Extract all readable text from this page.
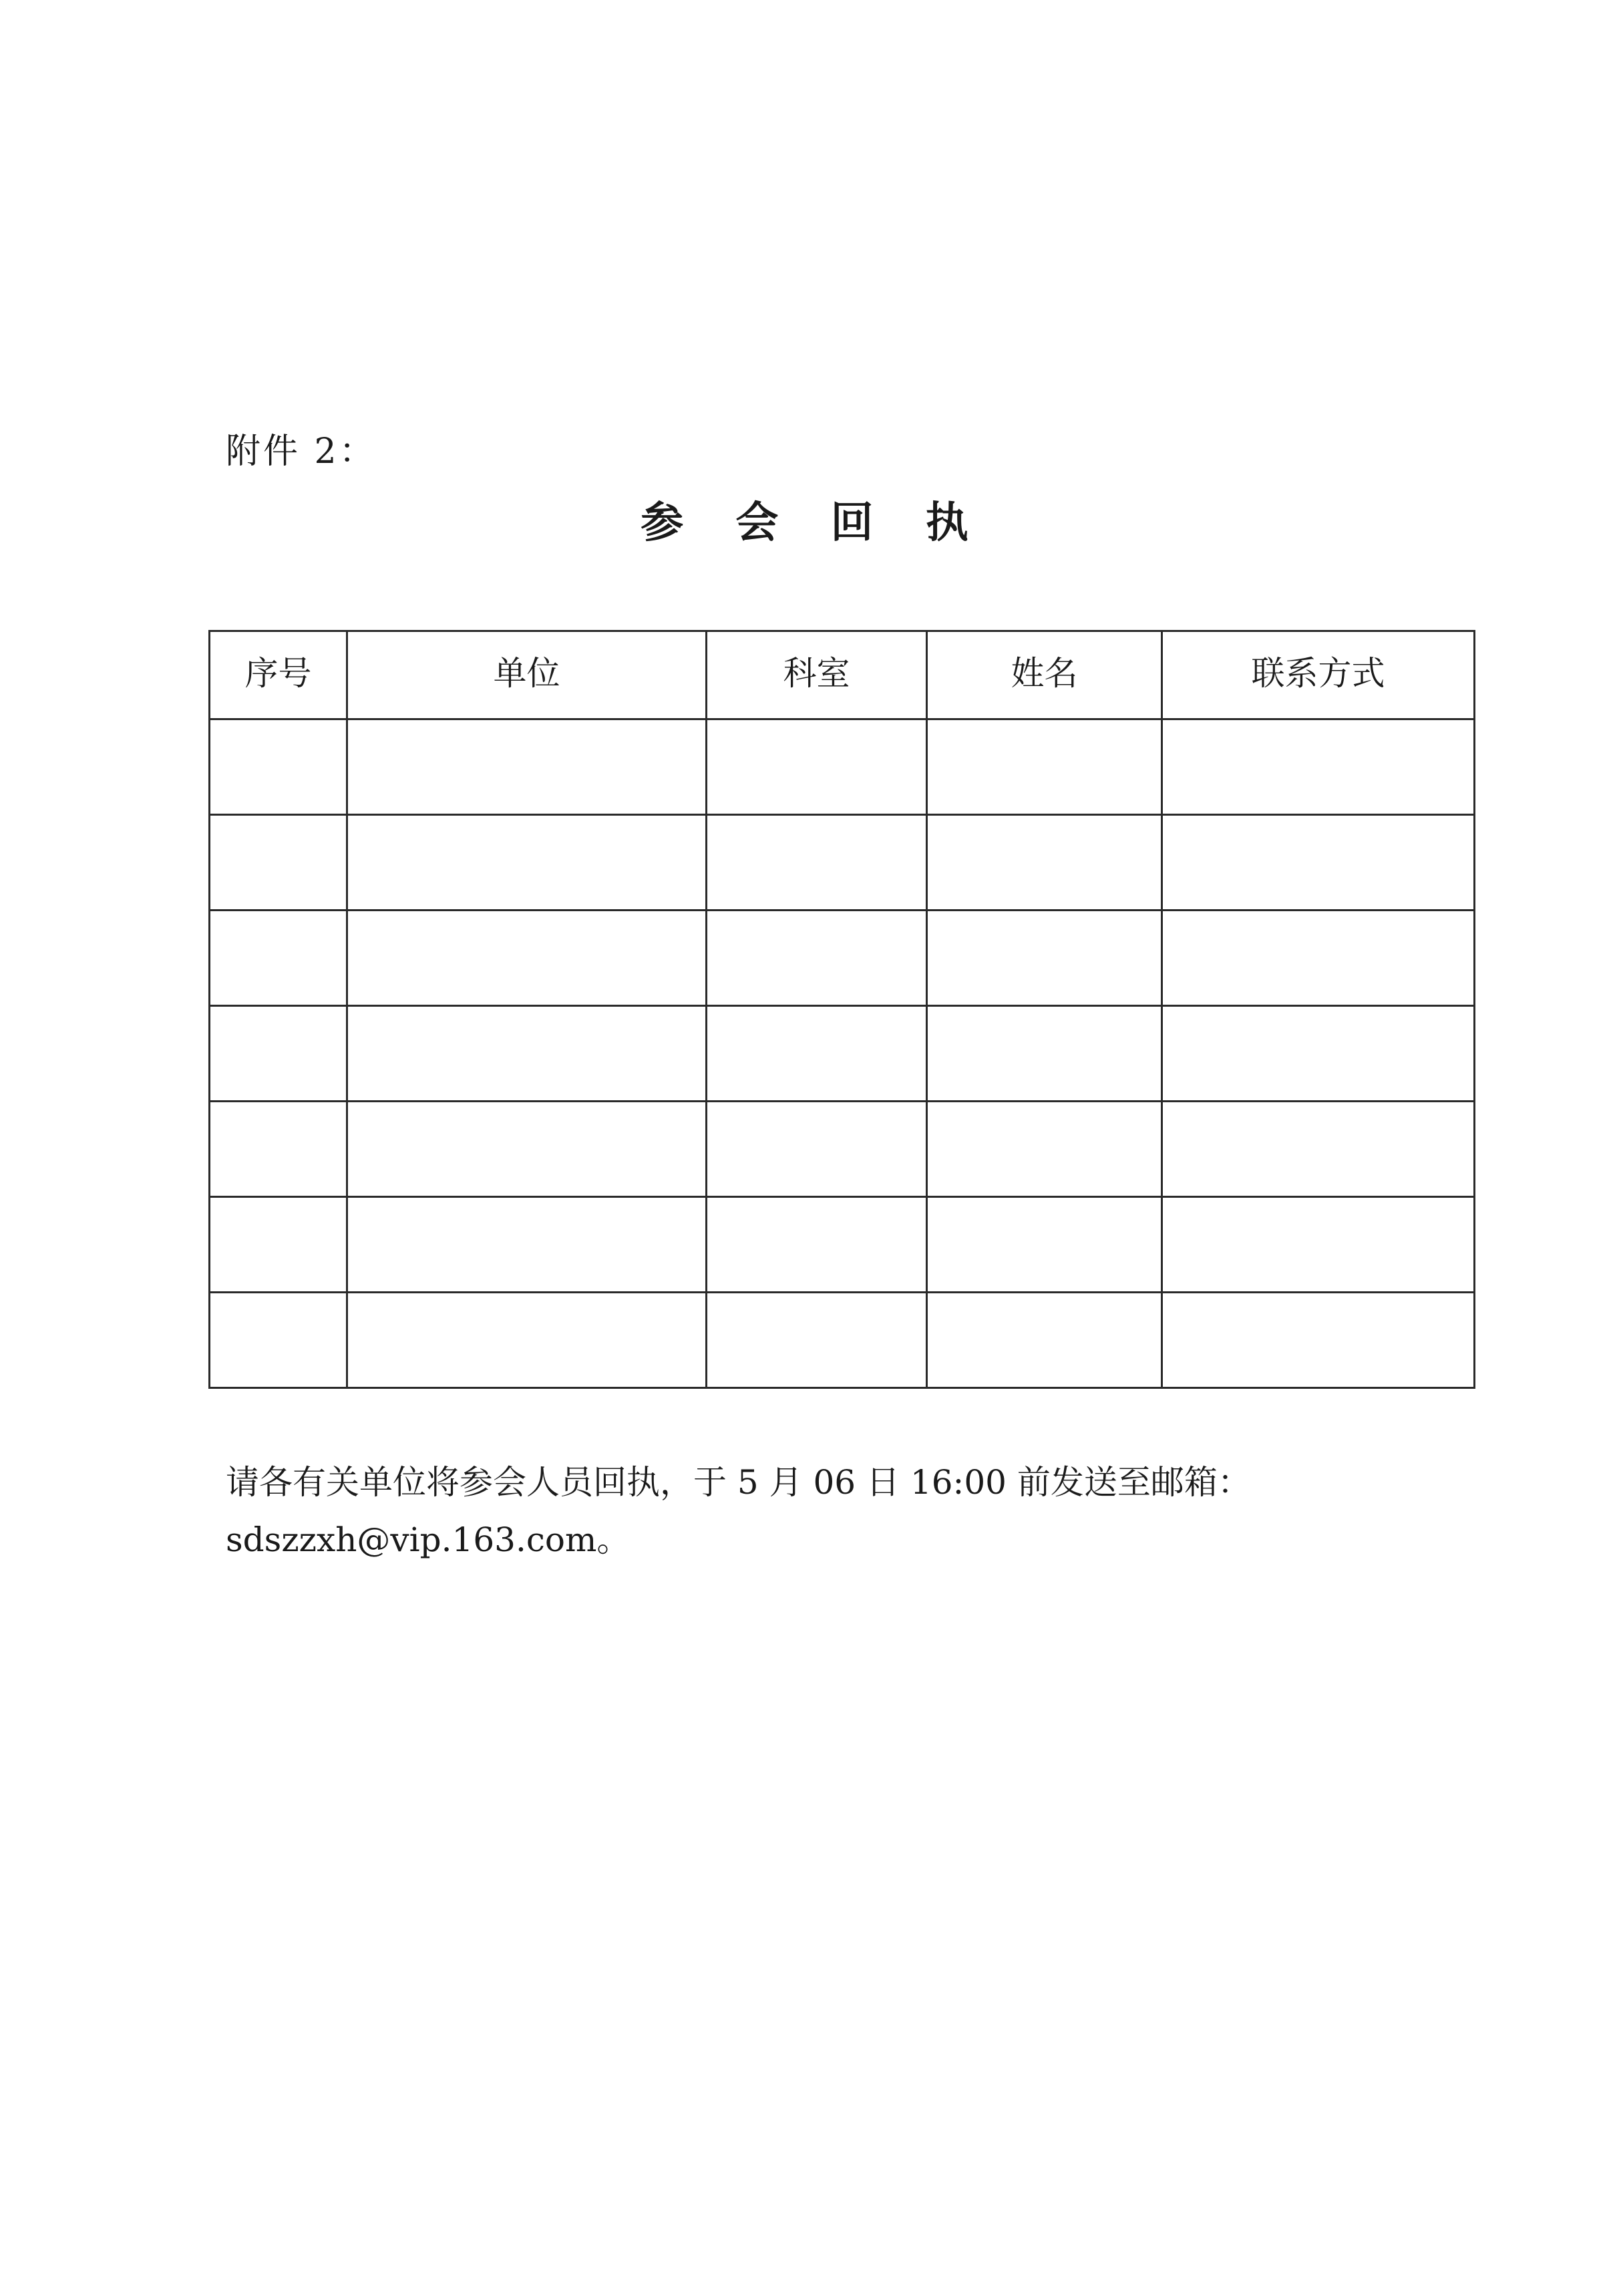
附件 2：
参 会 回 执
序号	单位	科室	姓名	联系方式

请各有关单位将参会人员回执，于 5 月 06 日 16:00 前发送至邮箱：
sdszzxh@vip.163.com。
